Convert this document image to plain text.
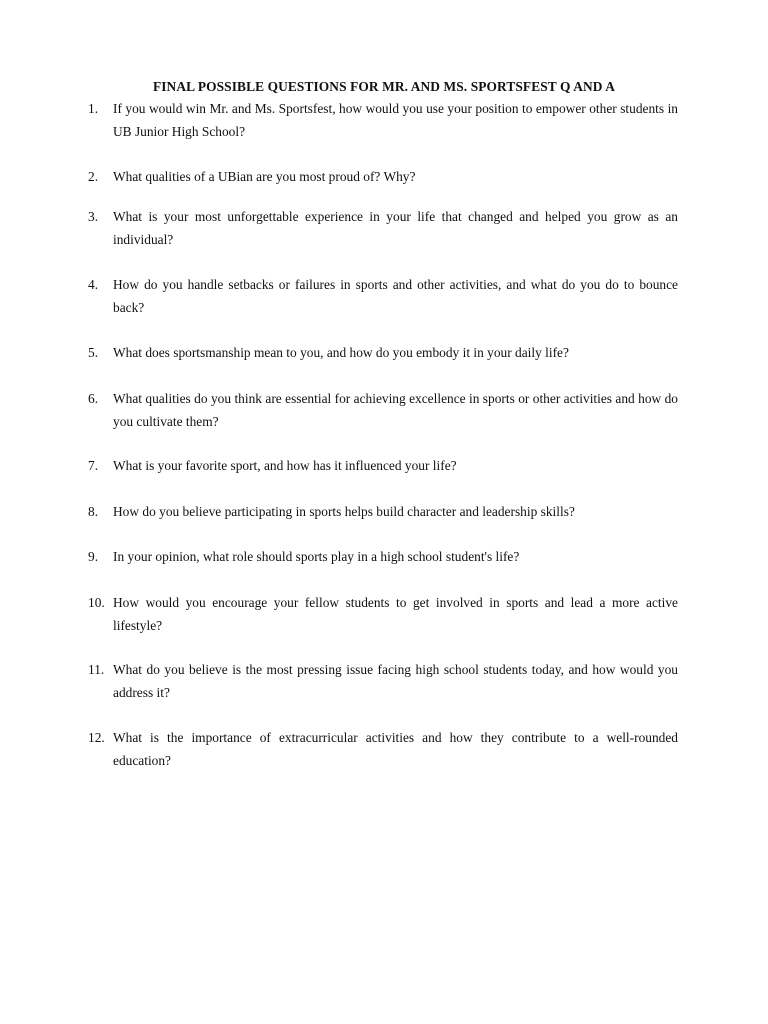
FINAL POSSIBLE QUESTIONS FOR MR. AND MS. SPORTSFEST Q AND A
1.	If you would win Mr. and Ms. Sportsfest, how would you use your position to empower other students in UB Junior High School?
2.	What qualities of a UBian are you most proud of? Why?
3.	What is your most unforgettable experience in your life that changed and helped you grow as an individual?
4.	How do you handle setbacks or failures in sports and other activities, and what do you do to bounce back?
5.	What does sportsmanship mean to you, and how do you embody it in your daily life?
6.	What qualities do you think are essential for achieving excellence in sports or other activities and how do you cultivate them?
7.	What is your favorite sport, and how has it influenced your life?
8.	How do you believe participating in sports helps build character and leadership skills?
9.	In your opinion, what role should sports play in a high school student's life?
10. How would you encourage your fellow students to get involved in sports and lead a more active lifestyle?
11. What do you believe is the most pressing issue facing high school students today, and how would you address it?
12. What is the importance of extracurricular activities and how they contribute to a well-rounded education?
